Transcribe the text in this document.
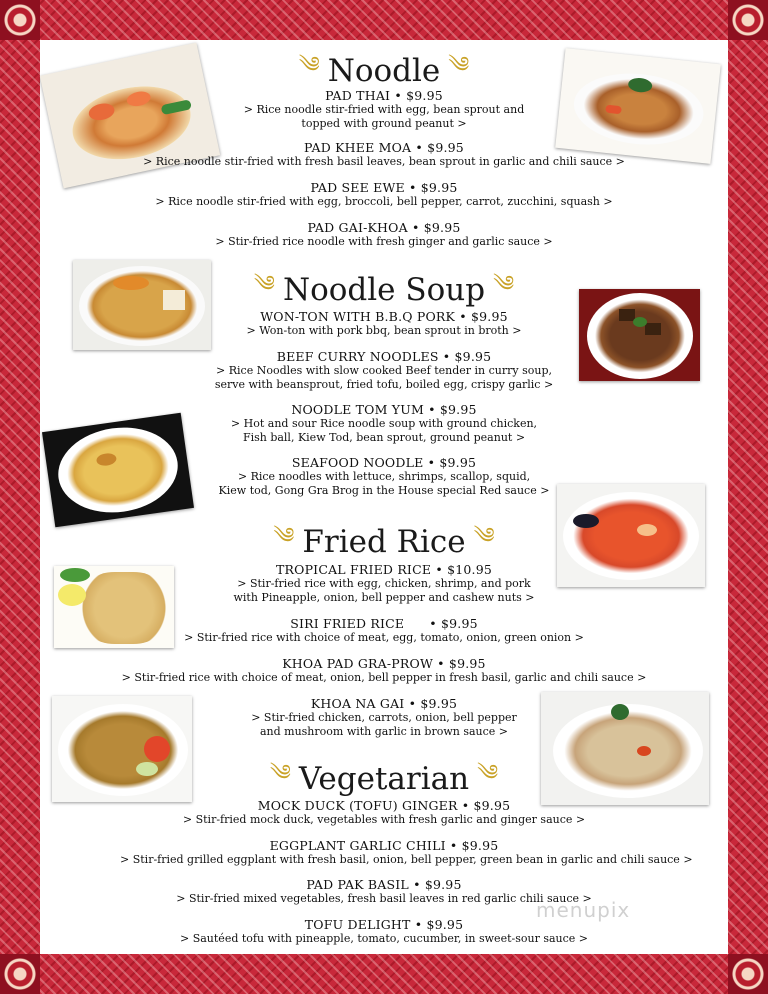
༄ Noodle ༄
༄ Noodle Soup ༄
༄ Fried Rice ༄
༄ Vegetarian ༄
PAD THAI • $9.95
> Rice noodle stir-fried with egg, bean sprout and
topped with ground peanut >
PAD KHEE MOA • $9.95
> Rice noodle stir-fried with fresh basil leaves, bean sprout in garlic and chili sauce >
PAD SEE EWE • $9.95
> Rice noodle stir-fried with egg, broccoli, bell pepper, carrot, zucchini, squash >
PAD GAI-KHOA • $9.95
> Stir-fried rice noodle with fresh ginger and garlic sauce >
WON-TON WITH B.B.Q PORK • $9.95
> Won-ton with pork bbq, bean sprout in broth >
BEEF CURRY NOODLES • $9.95
> Rice Noodles with slow cooked Beef tender in curry soup,
serve with beansprout, fried tofu, boiled egg, crispy garlic >
NOODLE TOM YUM • $9.95
> Hot and sour Rice noodle soup with ground chicken,
Fish ball, Kiew Tod, bean sprout, ground peanut >
SEAFOOD NOODLE • $9.95
> Rice noodles with lettuce, shrimps, scallop, squid,
Kiew tod, Gong Gra Brog in the House special Red sauce >
TROPICAL FRIED RICE • $10.95
> Stir-fried rice with egg, chicken, shrimp, and pork
with Pineapple, onion, bell pepper and cashew nuts >
SIRI FRIED RICE      • $9.95
> Stir-fried rice with choice of meat, egg, tomato, onion, green onion >
KHOA PAD GRA-PROW • $9.95
> Stir-fried rice with choice of meat, onion, bell pepper in fresh basil, garlic and chili sauce >
KHOA NA GAI • $9.95
> Stir-fried chicken, carrots, onion, bell pepper
and mushroom with garlic in brown sauce >
MOCK DUCK (TOFU) GINGER • $9.95
> Stir-fried mock duck, vegetables with fresh garlic and ginger sauce >
EGGPLANT GARLIC CHILI • $9.95
> Stir-fried grilled eggplant with fresh basil, onion, bell pepper, green bean in garlic and chili sauce >
PAD PAK BASIL • $9.95
> Stir-fried mixed vegetables, fresh basil leaves in red garlic chili sauce >
TOFU DELIGHT • $9.95
> Sautéed tofu with pineapple, tomato, cucumber, in sweet-sour sauce >
menupix
